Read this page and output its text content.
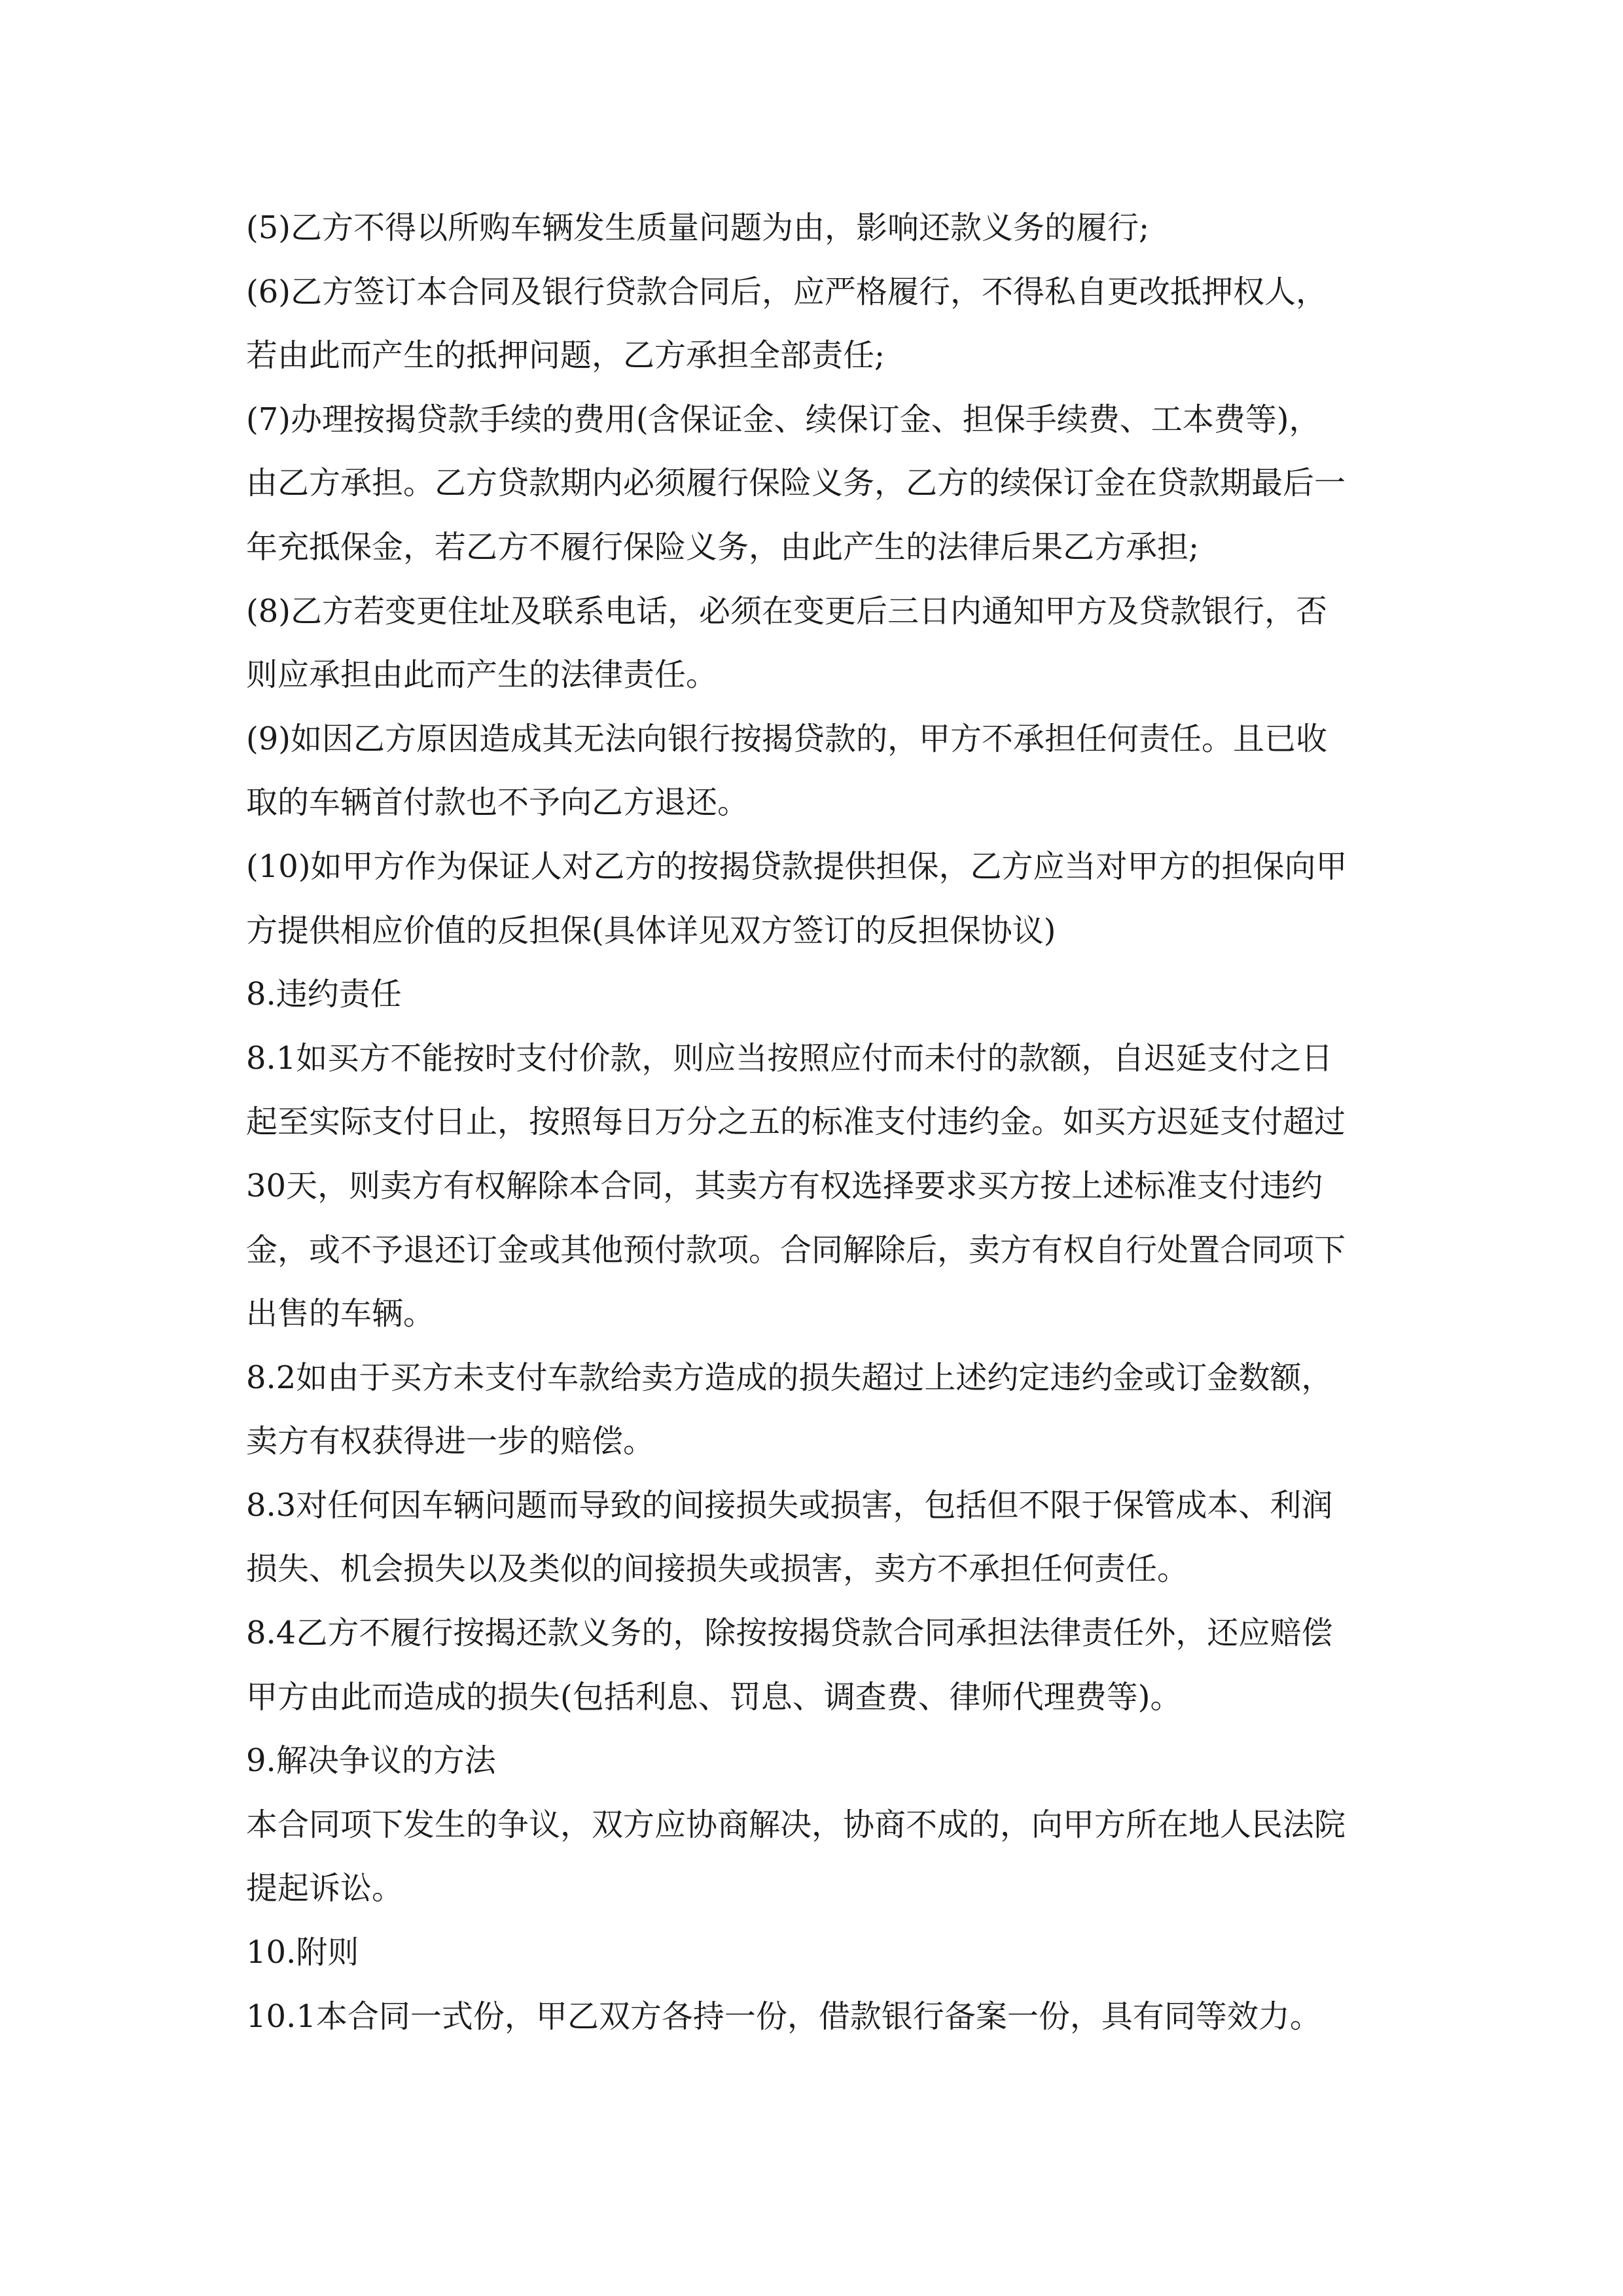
(5)乙方不得以所购车辆发生质量问题为由，影响还款义务的履行;
(6)乙方签订本合同及银行贷款合同后，应严格履行，不得私自更改抵押权人，
若由此而产生的抵押问题，乙方承担全部责任;
(7)办理按揭贷款手续的费用(含保证金、续保订金、担保手续费、工本费等)，
由乙方承担。乙方贷款期内必须履行保险义务，乙方的续保订金在贷款期最后一
年充抵保金，若乙方不履行保险义务，由此产生的法律后果乙方承担;
(8)乙方若变更住址及联系电话，必须在变更后三日内通知甲方及贷款银行，否
则应承担由此而产生的法律责任。
(9)如因乙方原因造成其无法向银行按揭贷款的，甲方不承担任何责任。且已收
取的车辆首付款也不予向乙方退还。
(10)如甲方作为保证人对乙方的按揭贷款提供担保，乙方应当对甲方的担保向甲
方提供相应价值的反担保(具体详见双方签订的反担保协议)
8.违约责任
8.1如买方不能按时支付价款，则应当按照应付而未付的款额，自迟延支付之日
起至实际支付日止，按照每日万分之五的标准支付违约金。如买方迟延支付超过
30天，则卖方有权解除本合同，其卖方有权选择要求买方按上述标准支付违约
金，或不予退还订金或其他预付款项。合同解除后，卖方有权自行处置合同项下
出售的车辆。
8.2如由于买方未支付车款给卖方造成的损失超过上述约定违约金或订金数额，
卖方有权获得进一步的赔偿。
8.3对任何因车辆问题而导致的间接损失或损害，包括但不限于保管成本、利润
损失、机会损失以及类似的间接损失或损害，卖方不承担任何责任。
8.4乙方不履行按揭还款义务的，除按按揭贷款合同承担法律责任外，还应赔偿
甲方由此而造成的损失(包括利息、罚息、调查费、律师代理费等)。
9.解决争议的方法
本合同项下发生的争议，双方应协商解决，协商不成的，向甲方所在地人民法院
提起诉讼。
10.附则
10.1本合同一式份，甲乙双方各持一份，借款银行备案一份，具有同等效力。
